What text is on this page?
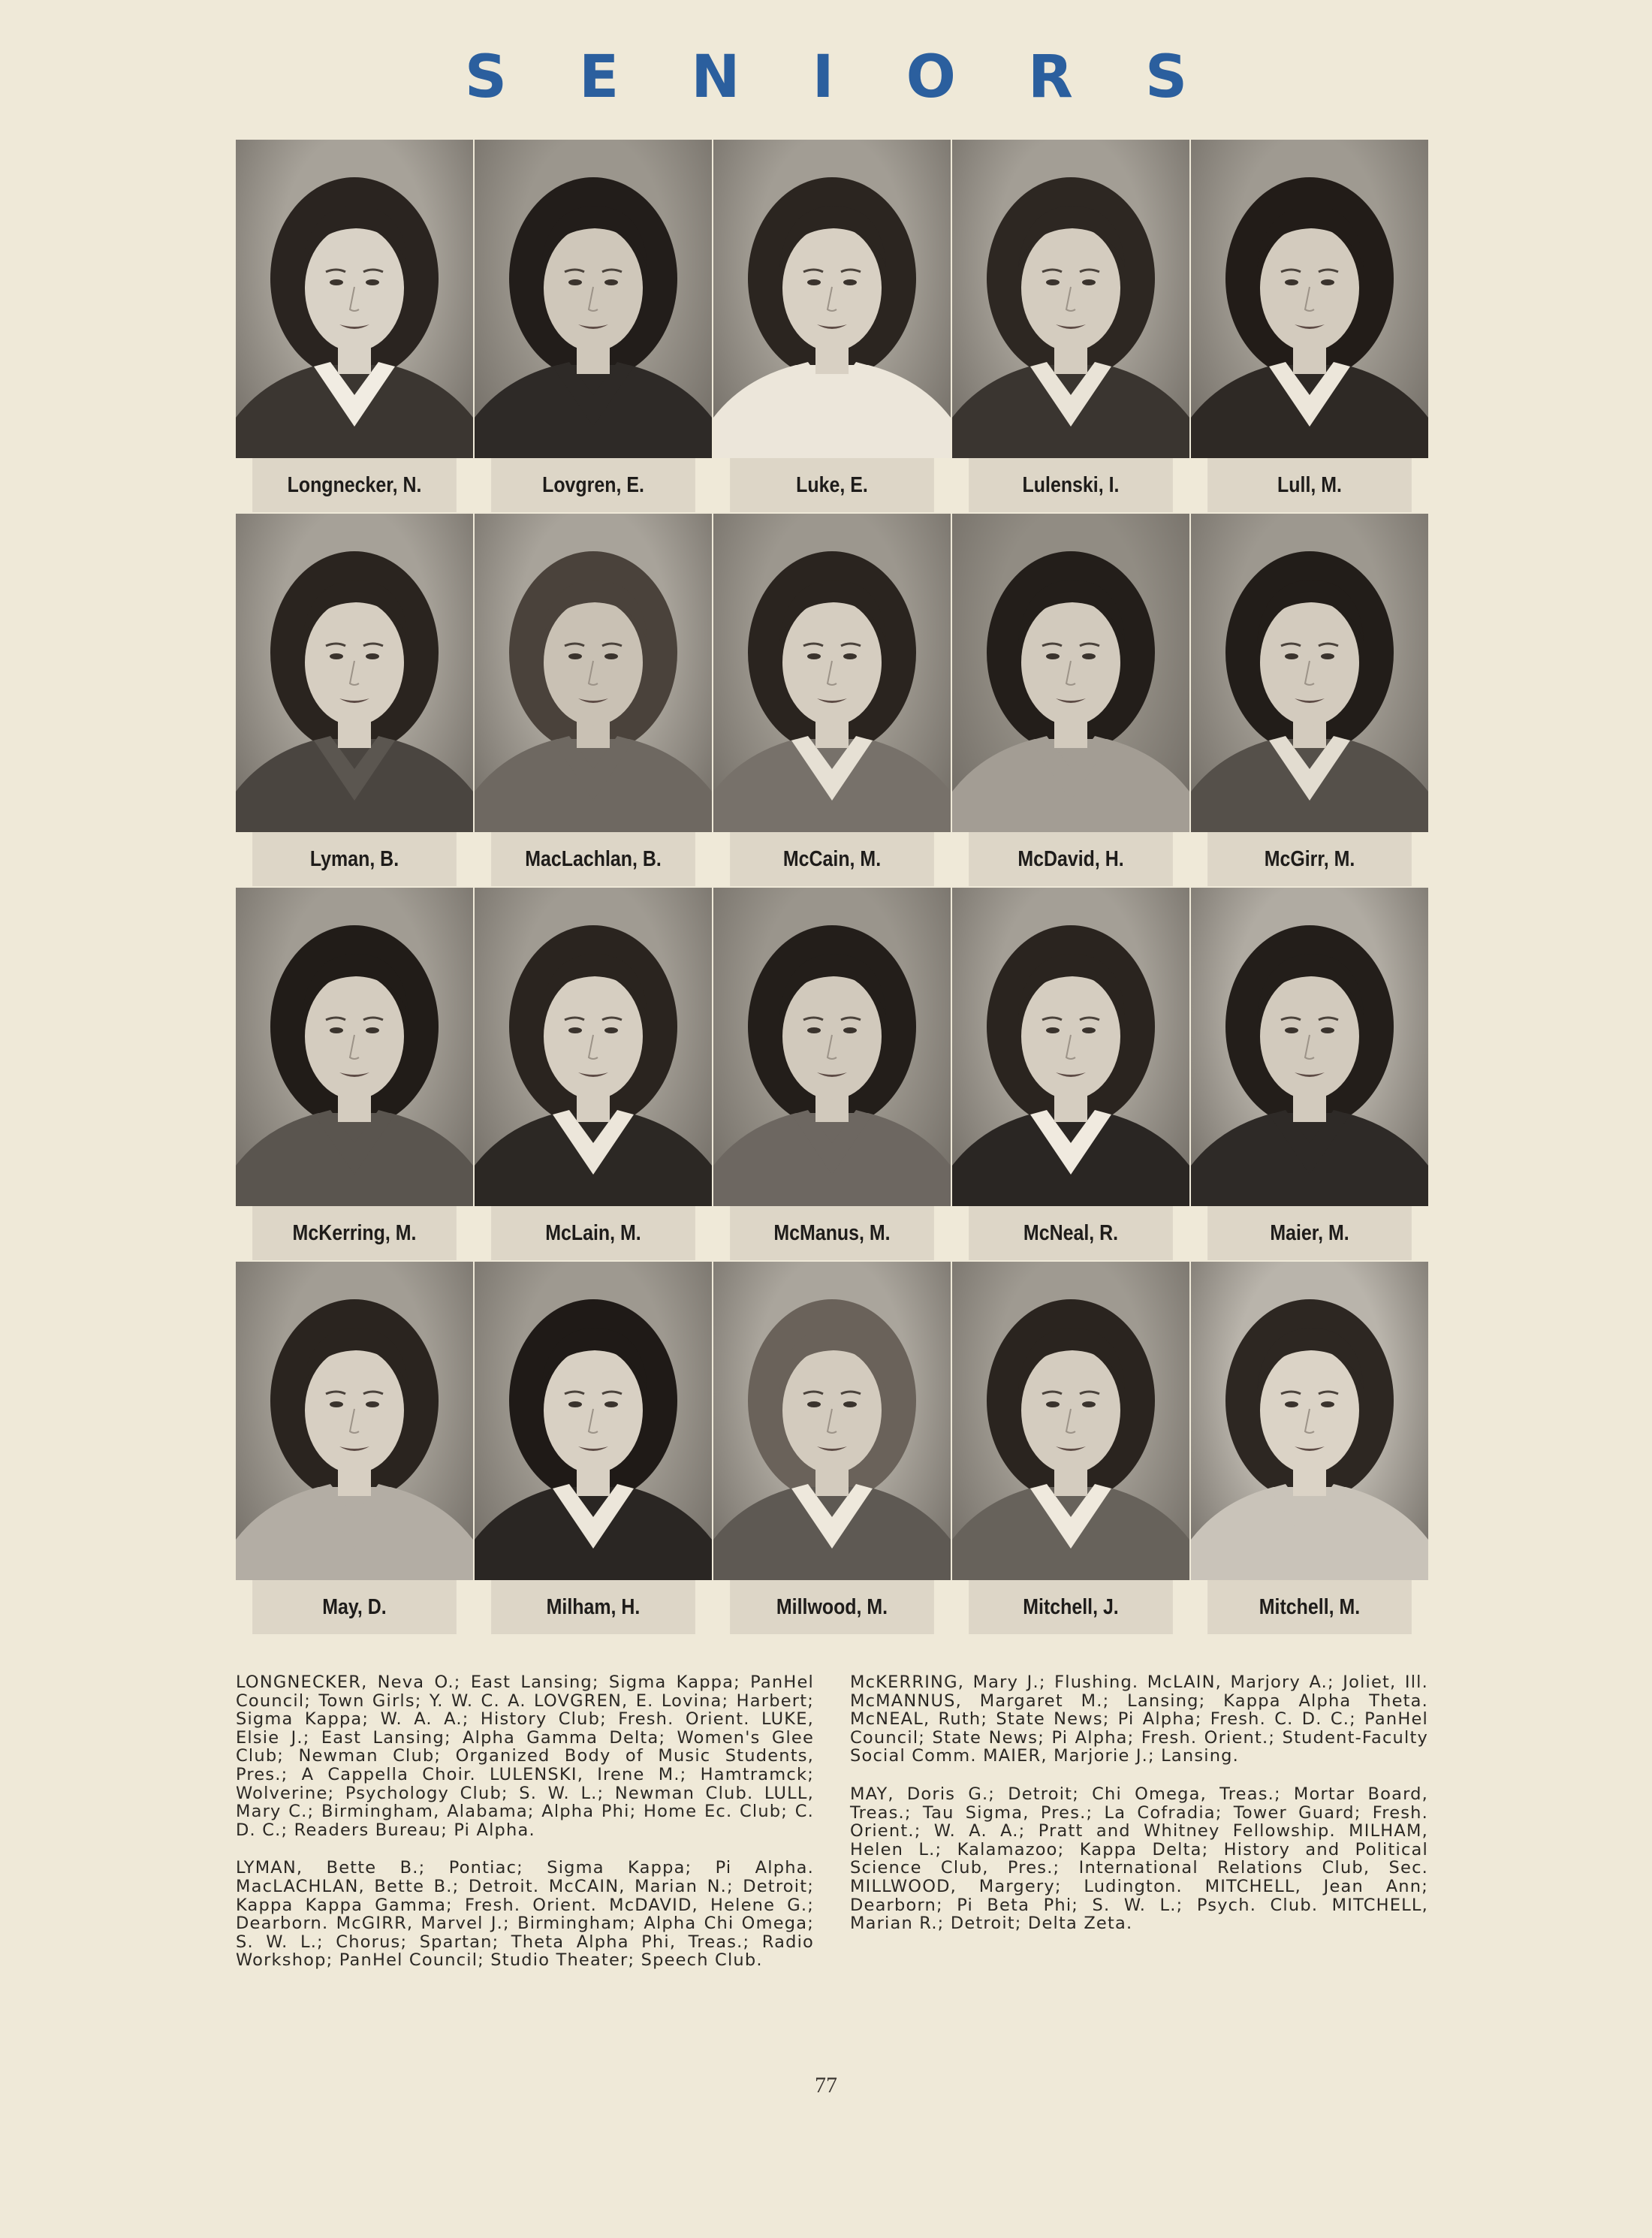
SENIORS
Longnecker, N.	Lovgren, E.	Luke, E.	Lulenski, I.	Lull, M.
Lyman, B.	MacLachlan, B.	McCain, M.	McDavid, H.	McGirr, M.
McKerring, M.	McLain, M.	McManus, M.	McNeal, R.	Maier, M.
May, D.	Milham, H.	Millwood, M.	Mitchell, J.	Mitchell, M.

LONGNECKER, Neva O.; East Lansing; Sigma Kappa; PanHel Council; Town Girls; Y. W. C. A. LOVGREN, E. Lovina; Harbert; Sigma Kappa; W. A. A.; History Club; Fresh. Orient. LUKE, Elsie J.; East Lansing; Alpha Gamma Delta; Women's Glee Club; Newman Club; Organized Body of Music Students, Pres.; A Cappella Choir. LULENSKI, Irene M.; Hamtramck; Wolverine; Psychology Club; S. W. L.; Newman Club. LULL, Mary C.; Birmingham, Alabama; Alpha Phi; Home Ec. Club; C. D. C.; Readers Bureau; Pi Alpha.

LYMAN, Bette B.; Pontiac; Sigma Kappa; Pi Alpha. MacLACHLAN, Bette B.; Detroit. McCAIN, Marian N.; Detroit; Kappa Kappa Gamma; Fresh. Orient. McDAVID, Helene G.; Dearborn. McGIRR, Marvel J.; Birmingham; Alpha Chi Omega; S. W. L.; Chorus; Spartan; Theta Alpha Phi, Treas.; Radio Workshop; PanHel Council; Studio Theater; Speech Club.

McKERRING, Mary J.; Flushing. McLAIN, Marjory A.; Joliet, Ill. McMANNUS, Margaret M.; Lansing; Kappa Alpha Theta. McNEAL, Ruth; State News; Pi Alpha; Fresh. C. D. C.; PanHel Council; State News; Pi Alpha; Fresh. Orient.; Student-Faculty Social Comm. MAIER, Marjorie J.; Lansing.

MAY, Doris G.; Detroit; Chi Omega, Treas.; Mortar Board, Treas.; Tau Sigma, Pres.; La Cofradia; Tower Guard; Fresh. Orient.; W. A. A.; Pratt and Whitney Fellowship. MILHAM, Helen L.; Kalamazoo; Kappa Delta; History and Political Science Club, Pres.; International Relations Club, Sec. MILLWOOD, Margery; Ludington. MITCHELL, Jean Ann; Dearborn; Pi Beta Phi; S. W. L.; Psych. Club. MITCHELL, Marian R.; Detroit; Delta Zeta.

77
